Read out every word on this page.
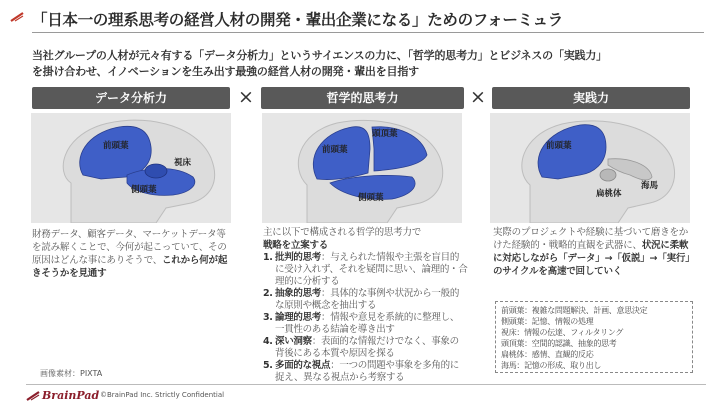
「日本一の理系思考の経営人材の開発・輩出企業になる」ためのフォーミュラ
当社グループの人材が元々有する「データ分析力」というサイエンスの力に、「哲学的思考力」とビジネスの「実践力」
を掛け合わせ、イノベーションを生み出す最強の経営人材の開発・輩出を目指す
データ分析力	×	哲学的思考力	×	実践力
前頭葉
視床
側頭葉
頭頂葉
前頭葉
側頭葉
前頭葉
扁桃体
海馬
財務データ、顧客データ、マーケットデータ等を読み解くことで、今何が起こっていて、その原因はどんな事にありそうで、これから何が起きそうかを見通す
主に以下で構成される哲学的思考力で
戦略を立案する
1. 批判的思考：与えられた情報や主張を盲目的に受け入れず、それを疑問に思い、論理的・合理的に分析する
2. 抽象的思考：具体的な事例や状況から一般的な原則や概念を抽出する
3. 論理的思考：情報や意見を系統的に整理し、一貫性のある結論を導き出す
4. 深い洞察：表面的な情報だけでなく、事象の背後にある本質や原因を探る
5. 多面的な視点：一つの問題や事象を多角的に捉え、異なる視点から考察する
実際のプロジェクトや経験に基づいて磨きをかけた経験的・戦略的直観を武器に、状況に柔軟に対応しながら「データ」→「仮説」→「実行」のサイクルを高速で回していく
前頭葉：複雑な問題解決、計画、意思決定
側頭葉：記憶、情報の処理
視床：情報の伝達、フィルタリング
頭頂葉：空間的認識、抽象的思考
扁桃体：感情、直観的反応
海馬：記憶の形成、取り出し
画像素材：PIXTA
BrainPad ©BrainPad Inc. Strictly Confidential
